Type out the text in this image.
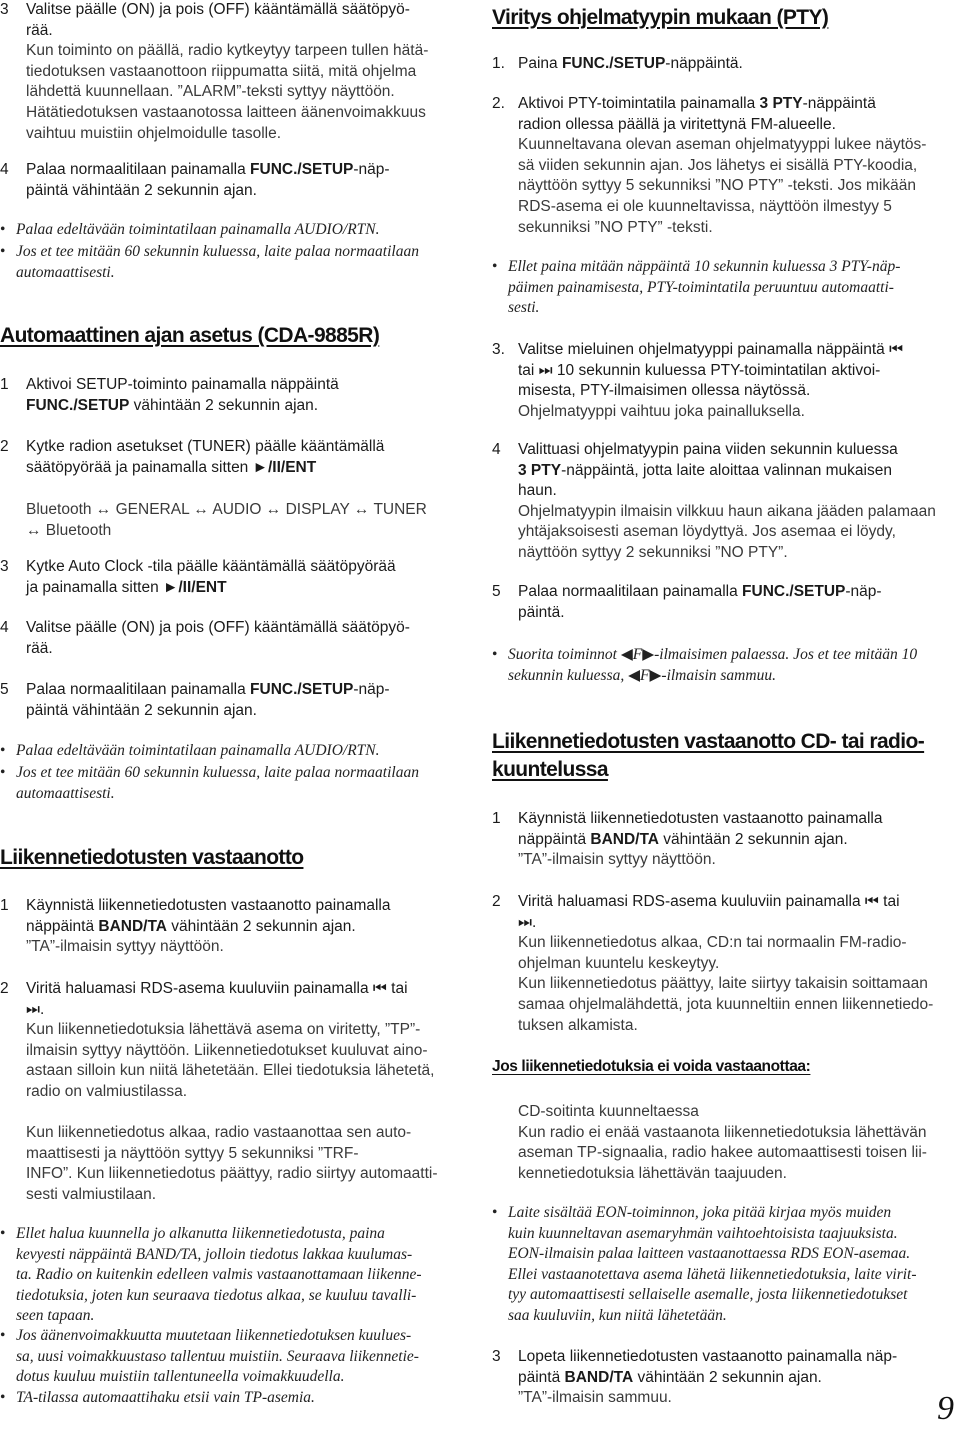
3	Valitse päälle (ON) ja pois (OFF) kääntämällä säätöpyö-
rää.
Kun toiminto on päällä, radio kytkeytyy tarpeen tullen hätä-
tiedotuksen vastaanottoon riippumatta siitä, mitä ohjelma
lähdettä kuunnellaan. ”ALARM”-teksti syttyy näyttöön.
Hätätiedotuksen vastaanotossa laitteen äänenvoimakkuus
vaihtuu muistiin ohjelmoidulle tasolle.
4	Palaa normaalitilaan painamalla FUNC./SETUP-näp-
päintä vähintään 2 sekunnin ajan.
• Palaa edeltävään toimintatilaan painamalla AUDIO/RTN.
• Jos et tee mitään 60 sekunnin kuluessa, laite palaa normaatilaan
automaattisesti.
Automaattinen ajan asetus (CDA-9885R)
1	Aktivoi SETUP-toiminto painamalla näppäintä
FUNC./SETUP vähintään 2 sekunnin ajan.
2	Kytke radion asetukset (TUNER) päälle kääntämällä
säätöpyörää ja painamalla sitten ►/II/ENT
Bluetooth ↔ GENERAL ↔ AUDIO ↔ DISPLAY ↔ TUNER
↔ Bluetooth
3	Kytke Auto Clock -tila päälle kääntämällä säätöpyörää
ja painamalla sitten ►/II/ENT
4	Valitse päälle (ON) ja pois (OFF) kääntämällä säätöpyö-
rää.
5	Palaa normaalitilaan painamalla FUNC./SETUP-näp-
päintä vähintään 2 sekunnin ajan.
• Palaa edeltävään toimintatilaan painamalla AUDIO/RTN.
• Jos et tee mitään 60 sekunnin kuluessa, laite palaa normaatilaan
automaattisesti.
Liikennetiedotusten vastaanotto
1	Käynnistä liikennetiedotusten vastaanotto painamalla
näppäintä BAND/TA vähintään 2 sekunnin ajan.
”TA”-ilmaisin syttyy näyttöön.
2	Viritä haluamasi RDS-asema kuuluviin painamalla ⏮ tai
⏭.
Kun liikennetiedotuksia lähettävä asema on viritetty, ”TP”-
ilmaisin syttyy näyttöön. Liikennetiedotukset kuuluvat aino-
astaan silloin kun niitä lähetetään. Ellei tiedotuksia lähetetä,
radio on valmiustilassa.
Kun liikennetiedotus alkaa, radio vastaanottaa sen auto-
maattisesti ja näyttöön syttyy 5 sekunniksi ”TRF-
INFO”. Kun liikennetiedotus päättyy, radio siirtyy automaatti-
sesti valmiustilaan.
• Ellet halua kuunnella jo alkanutta liikennetiedotusta, paina
kevyesti näppäintä BAND/TA, jolloin tiedotus lakkaa kuulumas-
ta. Radio on kuitenkin edelleen valmis vastaanottamaan liikenne-
tiedotuksia, joten kun seuraava tiedotus alkaa, se kuuluu tavalli-
seen tapaan.
• Jos äänenvoimakkuutta muutetaan liikennetiedotuksen kuulues-
sa, uusi voimakkuustaso tallentuu muistiin. Seuraava liikennetie-
dotus kuuluu muistiin tallentuneella voimakkuudella.
• TA-tilassa automaattihaku etsii vain TP-asemia.
Viritys ohjelmatyypin mukaan (PTY)
1. Paina FUNC./SETUP-näppäintä.
2. Aktivoi PTY-toimintatila painamalla 3 PTY-näppäintä
radion ollessa päällä ja viritettynä FM-alueelle.
Kuunneltavana olevan aseman ohjelmatyyppi lukee näytös-
sä viiden sekunnin ajan. Jos lähetys ei sisällä PTY-koodia,
näyttöön syttyy 5 sekunniksi ”NO PTY” -teksti. Jos mikään
RDS-asema ei ole kuunneltavissa, näyttöön ilmestyy 5
sekunniksi ”NO PTY” -teksti.
• Ellet paina mitään näppäintä 10 sekunnin kuluessa 3 PTY-näp-
päimen painamisesta, PTY-toimintatila peruuntuu automaatti-
sesti.
3. Valitse mieluinen ohjelmatyyppi painamalla näppäintä ⏮
tai ⏭ 10 sekunnin kuluessa PTY-toimintatilan aktivoi-
misesta, PTY-ilmaisimen ollessa näytössä.
Ohjelmatyyppi vaihtuu joka painalluksella.
4	Valittuasi ohjelmatyypin paina viiden sekunnin kuluessa
3 PTY-näppäintä, jotta laite aloittaa valinnan mukaisen
haun.
Ohjelmatyypin ilmaisin vilkkuu haun aikana jääden palamaan
yhtäjaksoisesti aseman löydyttyä. Jos asemaa ei löydy,
näyttöön syttyy 2 sekunniksi ”NO PTY”.
5	Palaa normaalitilaan painamalla FUNC./SETUP-näp-
päintä.
• Suorita toiminnot ◀F▶-ilmaisimen palaessa. Jos et tee mitään 10
sekunnin kuluessa, ◀F▶-ilmaisin sammuu.
Liikennetiedotusten vastaanotto CD- tai radio-
kuuntelussa
1	Käynnistä liikennetiedotusten vastaanotto painamalla
näppäintä BAND/TA vähintään 2 sekunnin ajan.
”TA”-ilmaisin syttyy näyttöön.
2	Viritä haluamasi RDS-asema kuuluviin painamalla ⏮ tai
⏭.
Kun liikennetiedotus alkaa, CD:n tai normaalin FM-radio-
ohjelman kuuntelu keskeytyy.
Kun liikennetiedotus päättyy, laite siirtyy takaisin soittamaan
samaa ohjelmalähdettä, jota kuunneltiin ennen liikennetiedo-
tuksen alkamista.
Jos liikennetiedotuksia ei voida vastaanottaa:
CD-soitinta kuunneltaessa
Kun radio ei enää vastaanota liikennetiedotuksia lähettävän
aseman TP-signaalia, radio hakee automaattisesti toisen lii-
kennetiedotuksia lähettävän taajuuden.
• Laite sisältää EON-toiminnon, joka pitää kirjaa myös muiden
kuin kuunneltavan asemaryhmän vaihtoehtoisista taajuuksista.
EON-ilmaisin palaa laitteen vastaanottaessa RDS EON-asemaa.
Ellei vastaanotettava asema lähetä liikennetiedotuksia, laite virit-
tyy automaattisesti sellaiselle asemalle, josta liikennetiedotukset
saa kuuluviin, kun niitä lähetetään.
3	Lopeta liikennetiedotusten vastaanotto painamalla näp-
päintä BAND/TA vähintään 2 sekunnin ajan.
”TA”-ilmaisin sammuu.	9
